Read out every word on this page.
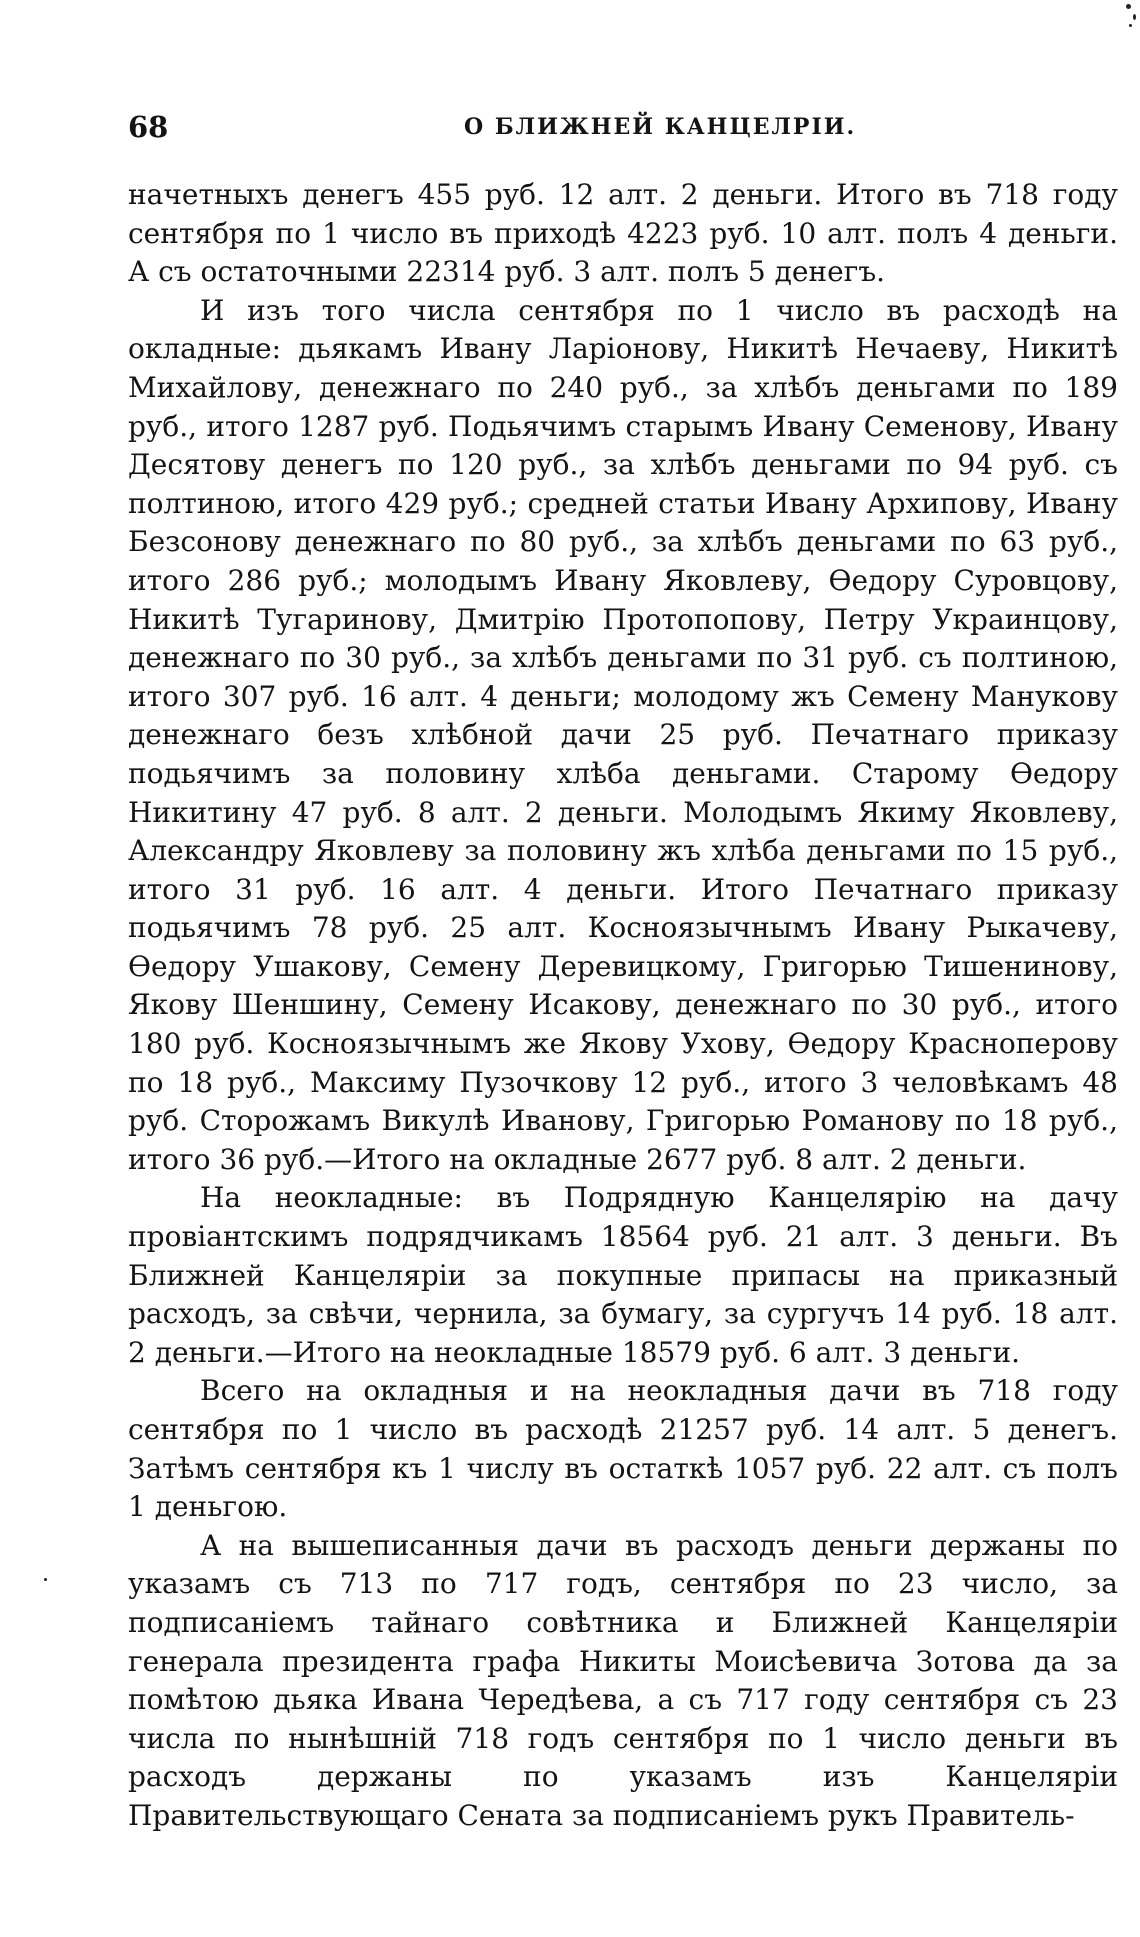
68	О БЛИЖНЕЙ КАНЦЕЛРІИ.

начетныхъ денегъ 455 руб. 12 алт. 2 деньги. Итого въ 718 году сентября по 1 число въ приходѣ 4223 руб. 10 алт. полъ 4 деньги. А съ остаточными 22314 руб. 3 алт. полъ 5 денегъ.

И изъ того числа сентября по 1 число въ расходѣ на окладные: дьякамъ Ивану Ларіонову, Никитѣ Нечаеву, Никитѣ Михайлову, денежнаго по 240 руб., за хлѣбъ деньгами по 189 руб., итого 1287 руб. Подьячимъ старымъ Ивану Семенову, Ивану Десятову денегъ по 120 руб., за хлѣбъ деньгами по 94 руб. съ полтиною, итого 429 руб.; средней статьи Ивану Архипову, Ивану Безсонову денежнаго по 80 руб., за хлѣбъ деньгами по 63 руб., итого 286 руб.; молодымъ Ивану Яковлеву, Өедору Суровцову, Никитѣ Тугаринову, Дмитрію Протопопову, Петру Украинцову, денежнаго по 30 руб., за хлѣбъ деньгами по 31 руб. съ полтиною, итого 307 руб. 16 алт. 4 деньги; молодому жъ Семену Манукову денежнаго безъ хлѣбной дачи 25 руб. Печатнаго приказу подьячимъ за половину хлѣба деньгами. Старому Өедору Никитину 47 руб. 8 алт. 2 деньги. Молодымъ Якиму Яковлеву, Александру Яковлеву за половину жъ хлѣба деньгами по 15 руб., итого 31 руб. 16 алт. 4 деньги. Итого Печатнаго приказу подьячимъ 78 руб. 25 алт. Косноязычнымъ Ивану Рыкачеву, Өедору Ушакову, Семену Деревицкому, Григорью Тишенинову, Якову Шеншину, Семену Исакову, денежнаго по 30 руб., итого 180 руб. Косноязычнымъ же Якову Ухову, Өедору Красноперову по 18 руб., Максиму Пузочкову 12 руб., итого 3 человѣкамъ 48 руб. Сторожамъ Викулѣ Иванову, Григорью Романову по 18 руб., итого 36 руб.—Итого на окладные 2677 руб. 8 алт. 2 деньги.

На неокладные: въ Подрядную Канцелярію на дачу провіантскимъ подрядчикамъ 18564 руб. 21 алт. 3 деньги. Въ Ближней Канцеляріи за покупные припасы на приказный расходъ, за свѣчи, чернила, за бумагу, за сургучъ 14 руб. 18 алт. 2 деньги.—Итого на неокладные 18579 руб. 6 алт. 3 деньги.

Всего на окладныя и на неокладныя дачи въ 718 году сентября по 1 число въ расходѣ 21257 руб. 14 алт. 5 денегъ. Затѣмъ сентября къ 1 числу въ остаткѣ 1057 руб. 22 алт. съ полъ 1 деньгою.

А на вышеписанныя дачи въ расходъ деньги держаны по указамъ съ 713 по 717 годъ, сентября по 23 число, за подписаніемъ тайнаго совѣтника и Ближней Канцеляріи генерала президента графа Никиты Моисѣевича Зотова да за помѣтою дьяка Ивана Чередѣева, а съ 717 году сентября съ 23 числа по нынѣшній 718 годъ сентября по 1 число деньги въ расходъ держаны по указамъ изъ Канцеляріи Правительствующаго Сената за подписаніемъ рукъ Правитель-
